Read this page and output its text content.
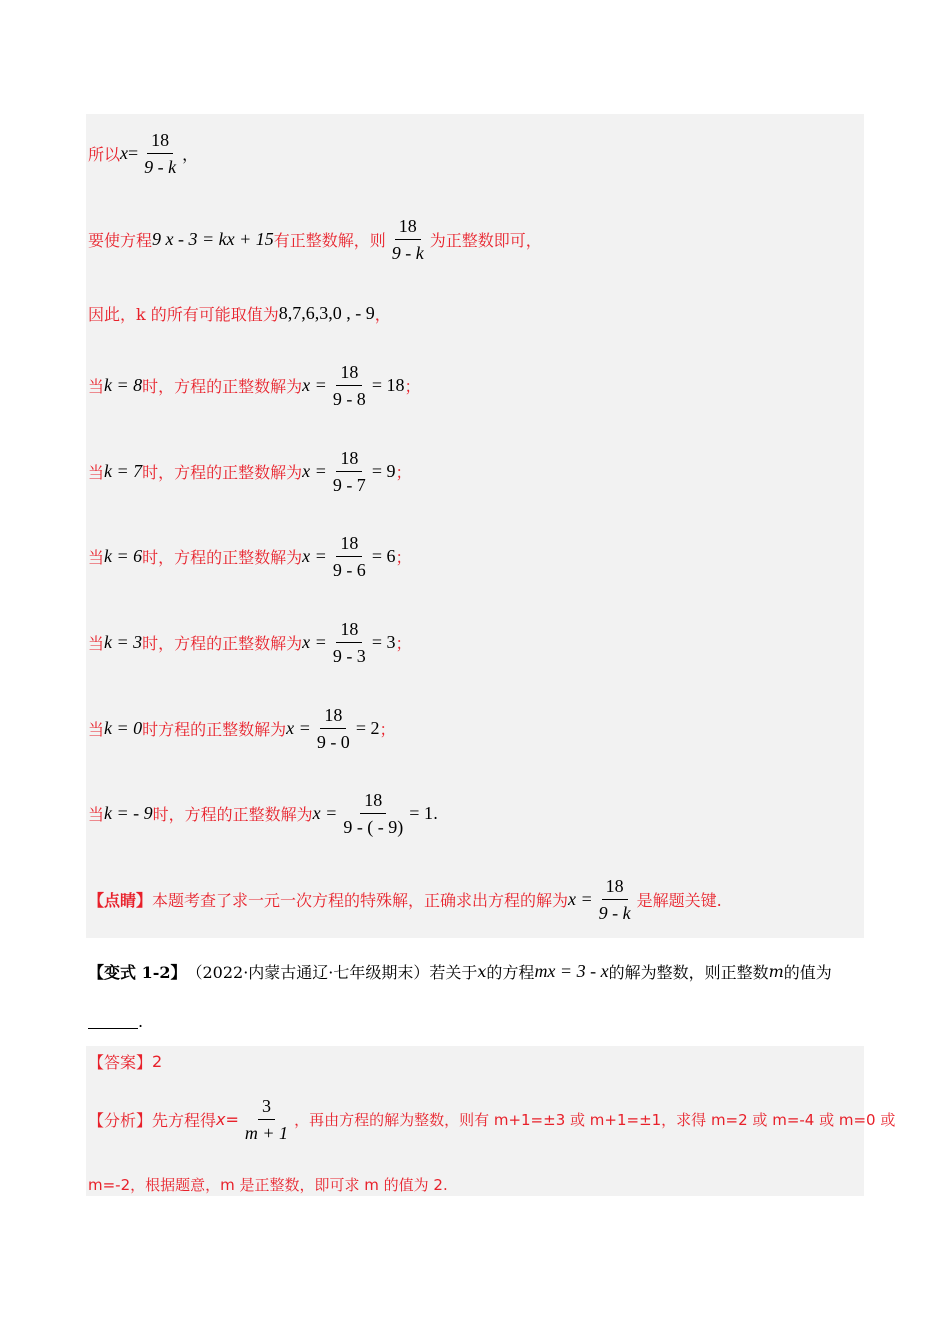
所以 $x = \frac{18}{9 - k}$ ，
要使方程 9 x - 3 = kx + 15 有正整数解，则 $\frac{18}{9 - k}$ 为正整数即可，
因此，k 的所有可能取值为 8,7,6,3,0 , - 9 ，
当 k = 8 时，方程的正整数解为 $x = \frac{18}{9 - 8} = 18$ ；
当 k = 7 时，方程的正整数解为 $x = \frac{18}{9 - 7} = 9$ ；
当 k = 6 时，方程的正整数解为 $x = \frac{18}{9 - 6} = 6$ ；
当 k = 3 时，方程的正整数解为 $x = \frac{18}{9 - 3} = 3$ ；
当 k = 0 时方程的正整数解为 $x = \frac{18}{9 - 0} = 2$ ；
当 k = - 9 时，方程的正整数解为 $x = \frac{18}{9 - ( - 9)} = 1$ .
【点睛】 本题考查了求一元一次方程的特殊解，正确求出方程的解为 $x = \frac{18}{9 - k}$ 是解题关键.
【变式 1-2】 （2022·内蒙古通辽·七年级期末）若关于 x 的方程 mx = 3 - x 的解为整数，则正整数 m 的值为
.
【答案】 2
【分析】 先方程得 $x= \frac{3}{m + 1}$ ，再由方程的解为整数，则有 m+1=±3 或 m+1=±1，求得 m=2 或 m=-4 或 m=0 或
m=-2，根据题意，m 是正整数，即可求 m 的值为 2.
